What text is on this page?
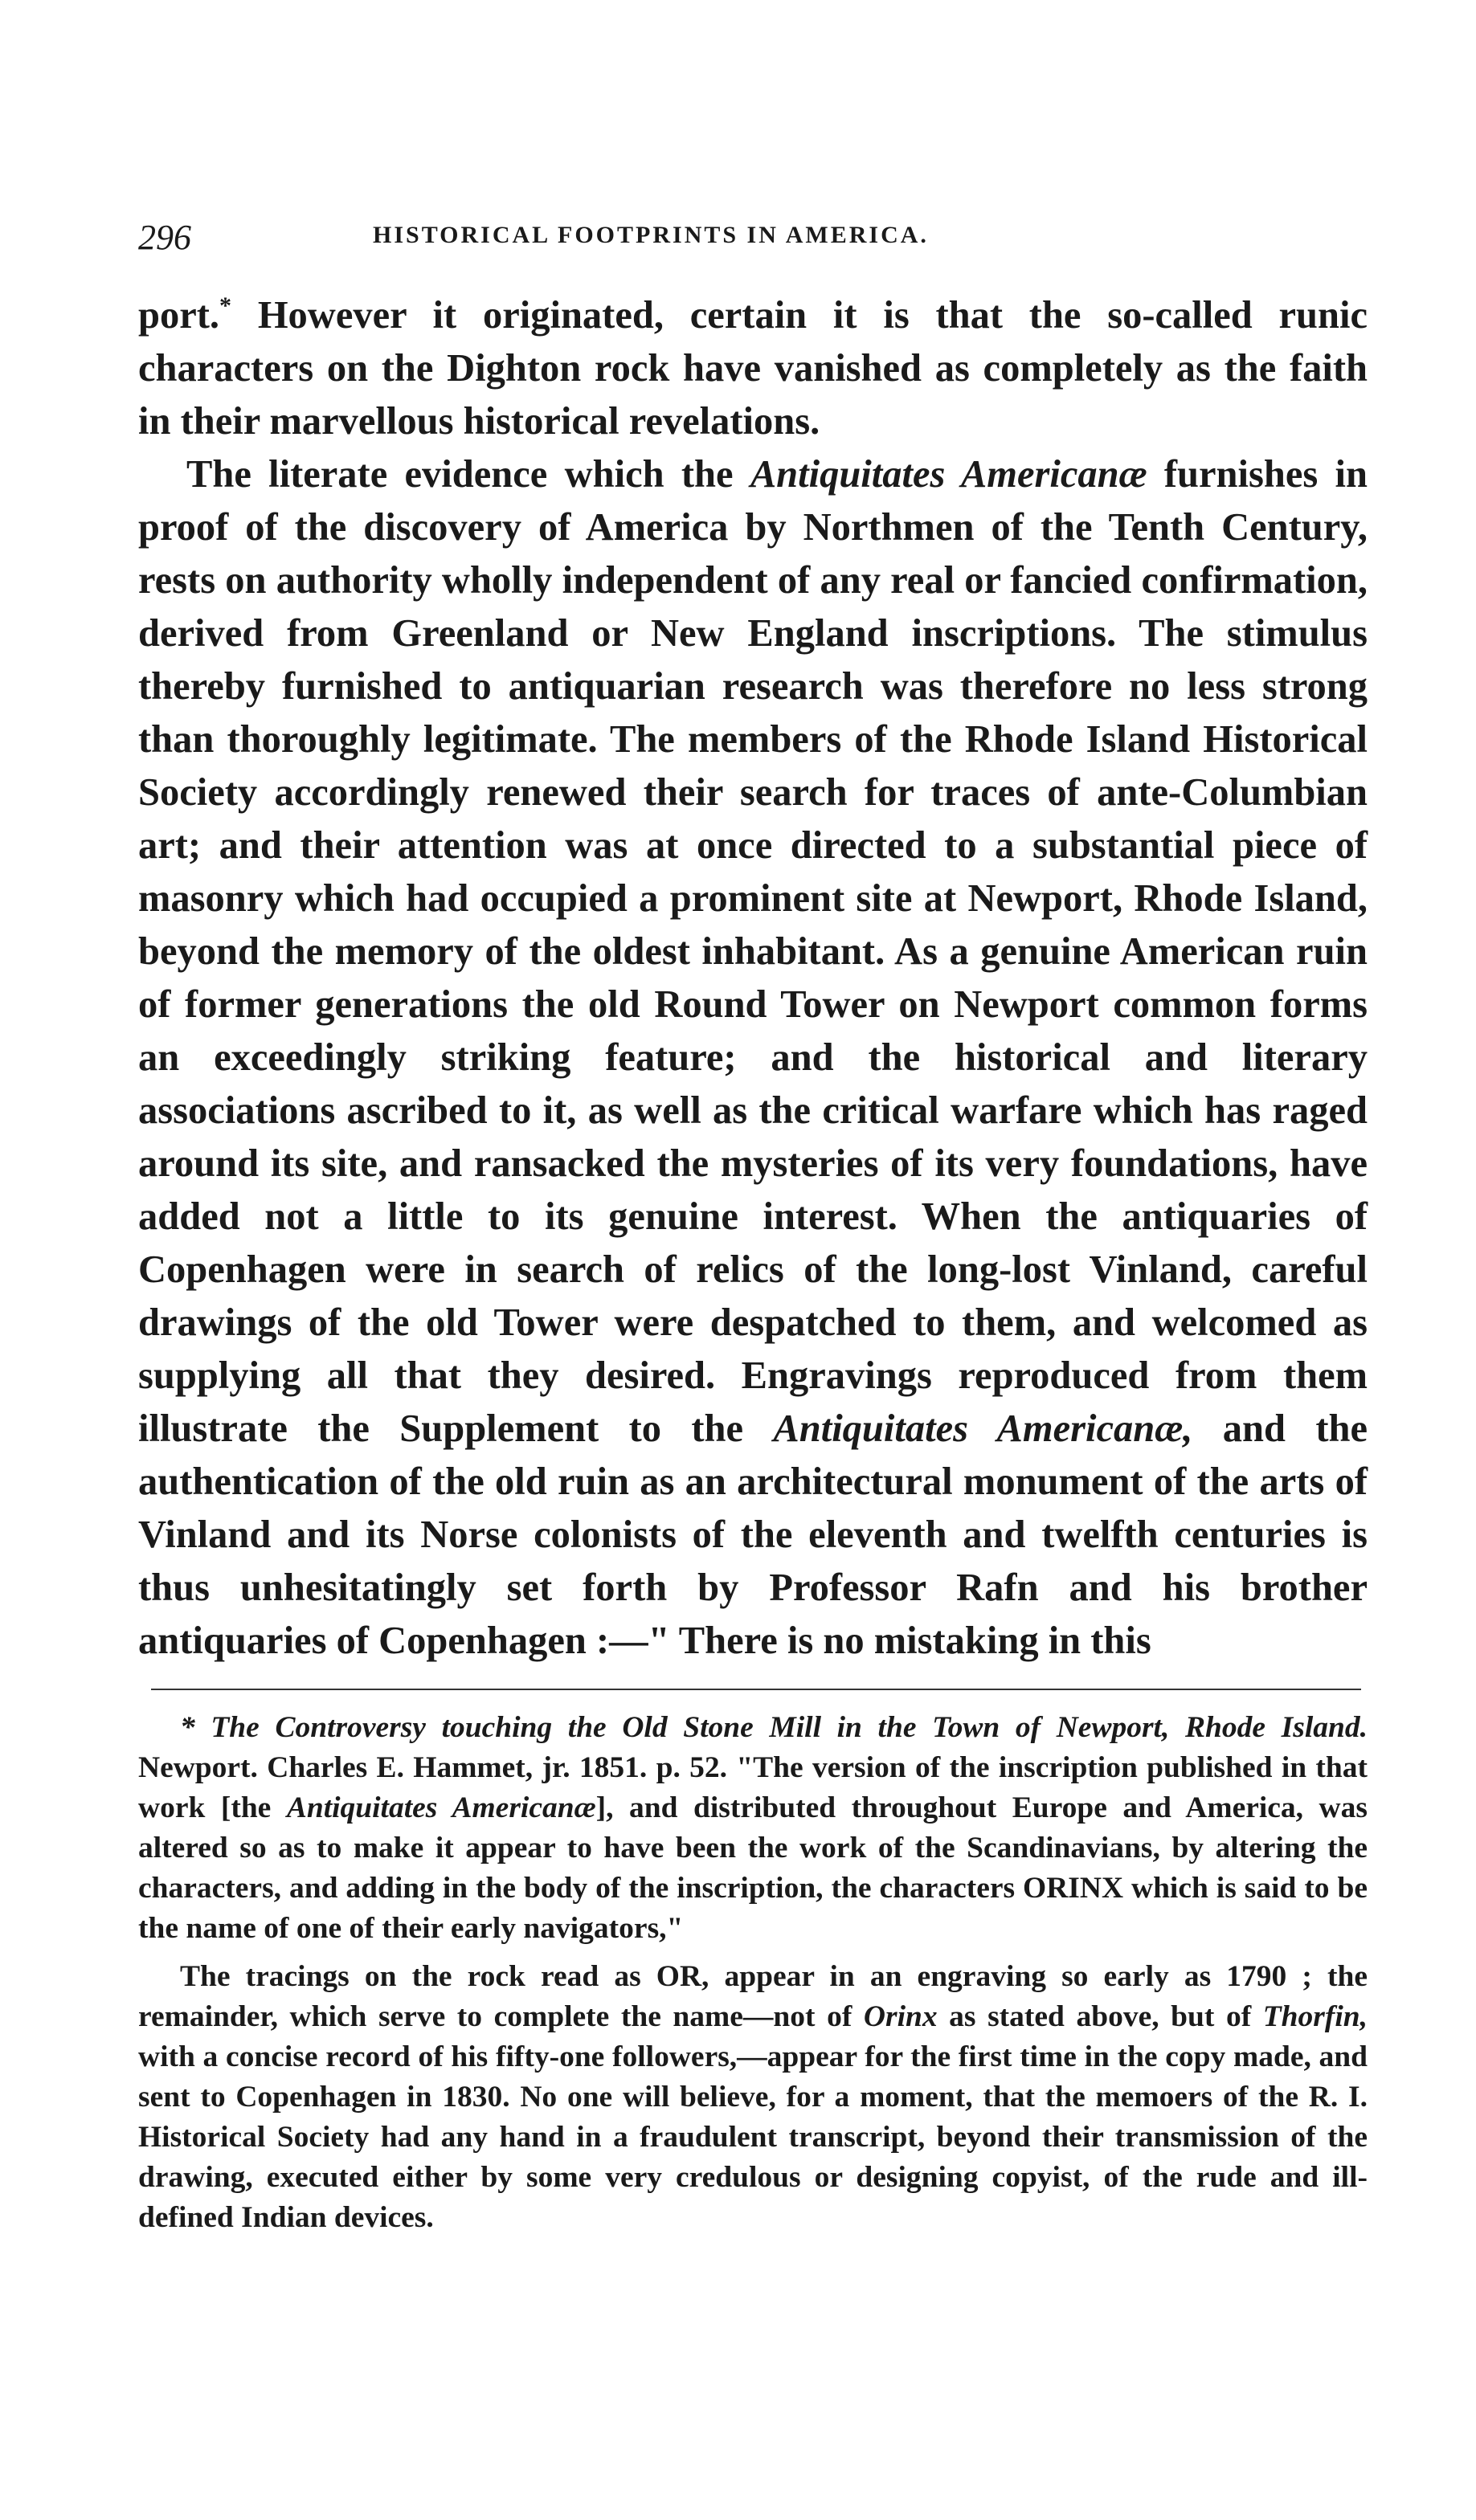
296	HISTORICAL FOOTPRINTS IN AMERICA.

port.* However it originated, certain it is that the so-called runic characters on the Dighton rock have vanished as completely as the faith in their marvellous historical revelations.

The literate evidence which the Antiquitates Americanæ furnishes in proof of the discovery of America by Northmen of the Tenth Century, rests on authority wholly independent of any real or fancied confirmation, derived from Greenland or New England inscriptions. The stimulus thereby furnished to antiquarian research was therefore no less strong than thoroughly legitimate. The members of the Rhode Island Historical Society accordingly renewed their search for traces of ante-Columbian art; and their attention was at once directed to a substantial piece of masonry which had occupied a prominent site at Newport, Rhode Island, beyond the memory of the oldest inhabitant. As a genuine American ruin of former generations the old Round Tower on Newport common forms an exceedingly striking feature; and the historical and literary associations ascribed to it, as well as the critical warfare which has raged around its site, and ransacked the mysteries of its very foundations, have added not a little to its genuine interest. When the antiquaries of Copenhagen were in search of relics of the long-lost Vinland, careful drawings of the old Tower were despatched to them, and welcomed as supplying all that they desired. Engravings reproduced from them illustrate the Supplement to the Antiquitates Americanæ, and the authentication of the old ruin as an architectural monument of the arts of Vinland and its Norse colonists of the eleventh and twelfth centuries is thus unhesitatingly set forth by Professor Rafn and his brother antiquaries of Copenhagen :—" There is no mistaking in this

* The Controversy touching the Old Stone Mill in the Town of Newport, Rhode Island. Newport. Charles E. Hammet, jr. 1851. p. 52. "The version of the inscription published in that work [the Antiquitates Americanæ], and distributed throughout Europe and America, was altered so as to make it appear to have been the work of the Scandinavians, by altering the characters, and adding in the body of the inscription, the characters ORINX which is said to be the name of one of their early navigators,"

The tracings on the rock read as OR, appear in an engraving so early as 1790 ; the remainder, which serve to complete the name—not of Orinx as stated above, but of Thorfin, with a concise record of his fifty-one followers,—appear for the first time in the copy made, and sent to Copenhagen in 1830. No one will believe, for a moment, that the memoers of the R. I. Historical Society had any hand in a fraudulent transcript, beyond their transmission of the drawing, executed either by some very credulous or designing copyist, of the rude and ill-defined Indian devices.
